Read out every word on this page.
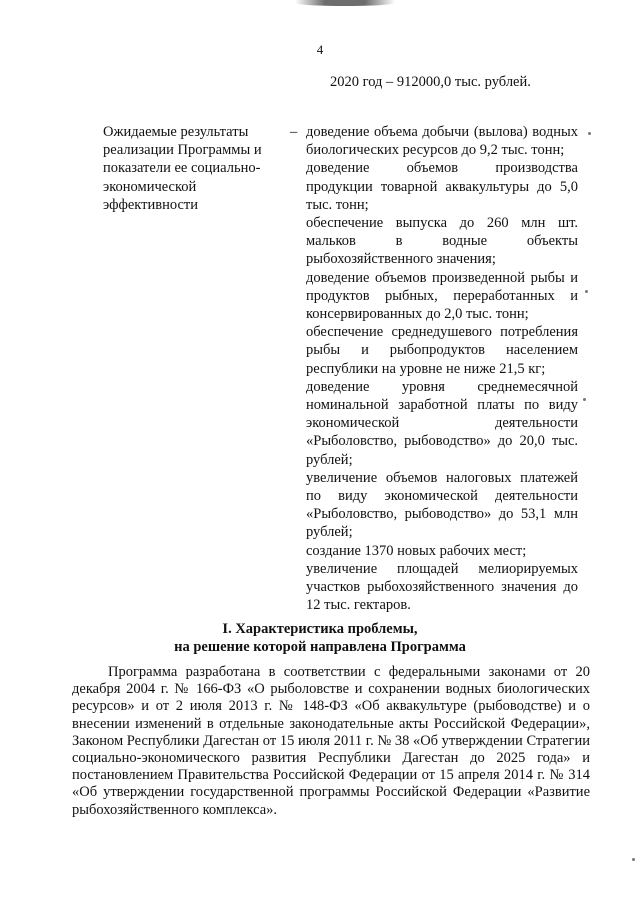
4
2020 год – 912000,0 тыс. рублей.
Ожидаемые результаты реализации Программы и показатели ее социально-экономической эффективности
– доведение объема добычи (вылова) водных биологических ресурсов до 9,2 тыс. тонн;
доведение объемов производства продукции товарной аквакультуры до 5,0 тыс. тонн;
обеспечение выпуска до 260 млн шт. мальков в водные объекты рыбохозяйственного значения;
доведение объемов произведенной рыбы и продуктов рыбных, переработанных и консервированных до 2,0 тыс. тонн;
обеспечение среднедушевого потребления рыбы и рыбопродуктов населением республики на уровне не ниже 21,5 кг;
доведение уровня среднемесячной номинальной заработной платы по виду экономической деятельности «Рыболовство, рыбоводство» до 20,0 тыс. рублей;
увеличение объемов налоговых платежей по виду экономической деятельности «Рыболовство, рыбоводство» до 53,1 млн рублей;
создание 1370 новых рабочих мест;
увеличение площадей мелиорируемых участков рыбохозяйственного значения до 12 тыс. гектаров.
I. Характеристика проблемы,
на решение которой направлена Программа
Программа разработана в соответствии с федеральными законами от 20 декабря 2004 г. № 166-ФЗ «О рыболовстве и сохранении водных биологических ресурсов» и от 2 июля 2013 г. № 148-ФЗ «Об аквакультуре (рыбоводстве) и о внесении изменений в отдельные законодательные акты Российской Федерации», Законом Республики Дагестан от 15 июля 2011 г. № 38 «Об утверждении Стратегии социально-экономического развития Республики Дагестан до 2025 года» и постановлением Правительства Российской Федерации от 15 апреля 2014 г. № 314 «Об утверждении государственной программы Российской Федерации «Развитие рыбохозяйственного комплекса».
